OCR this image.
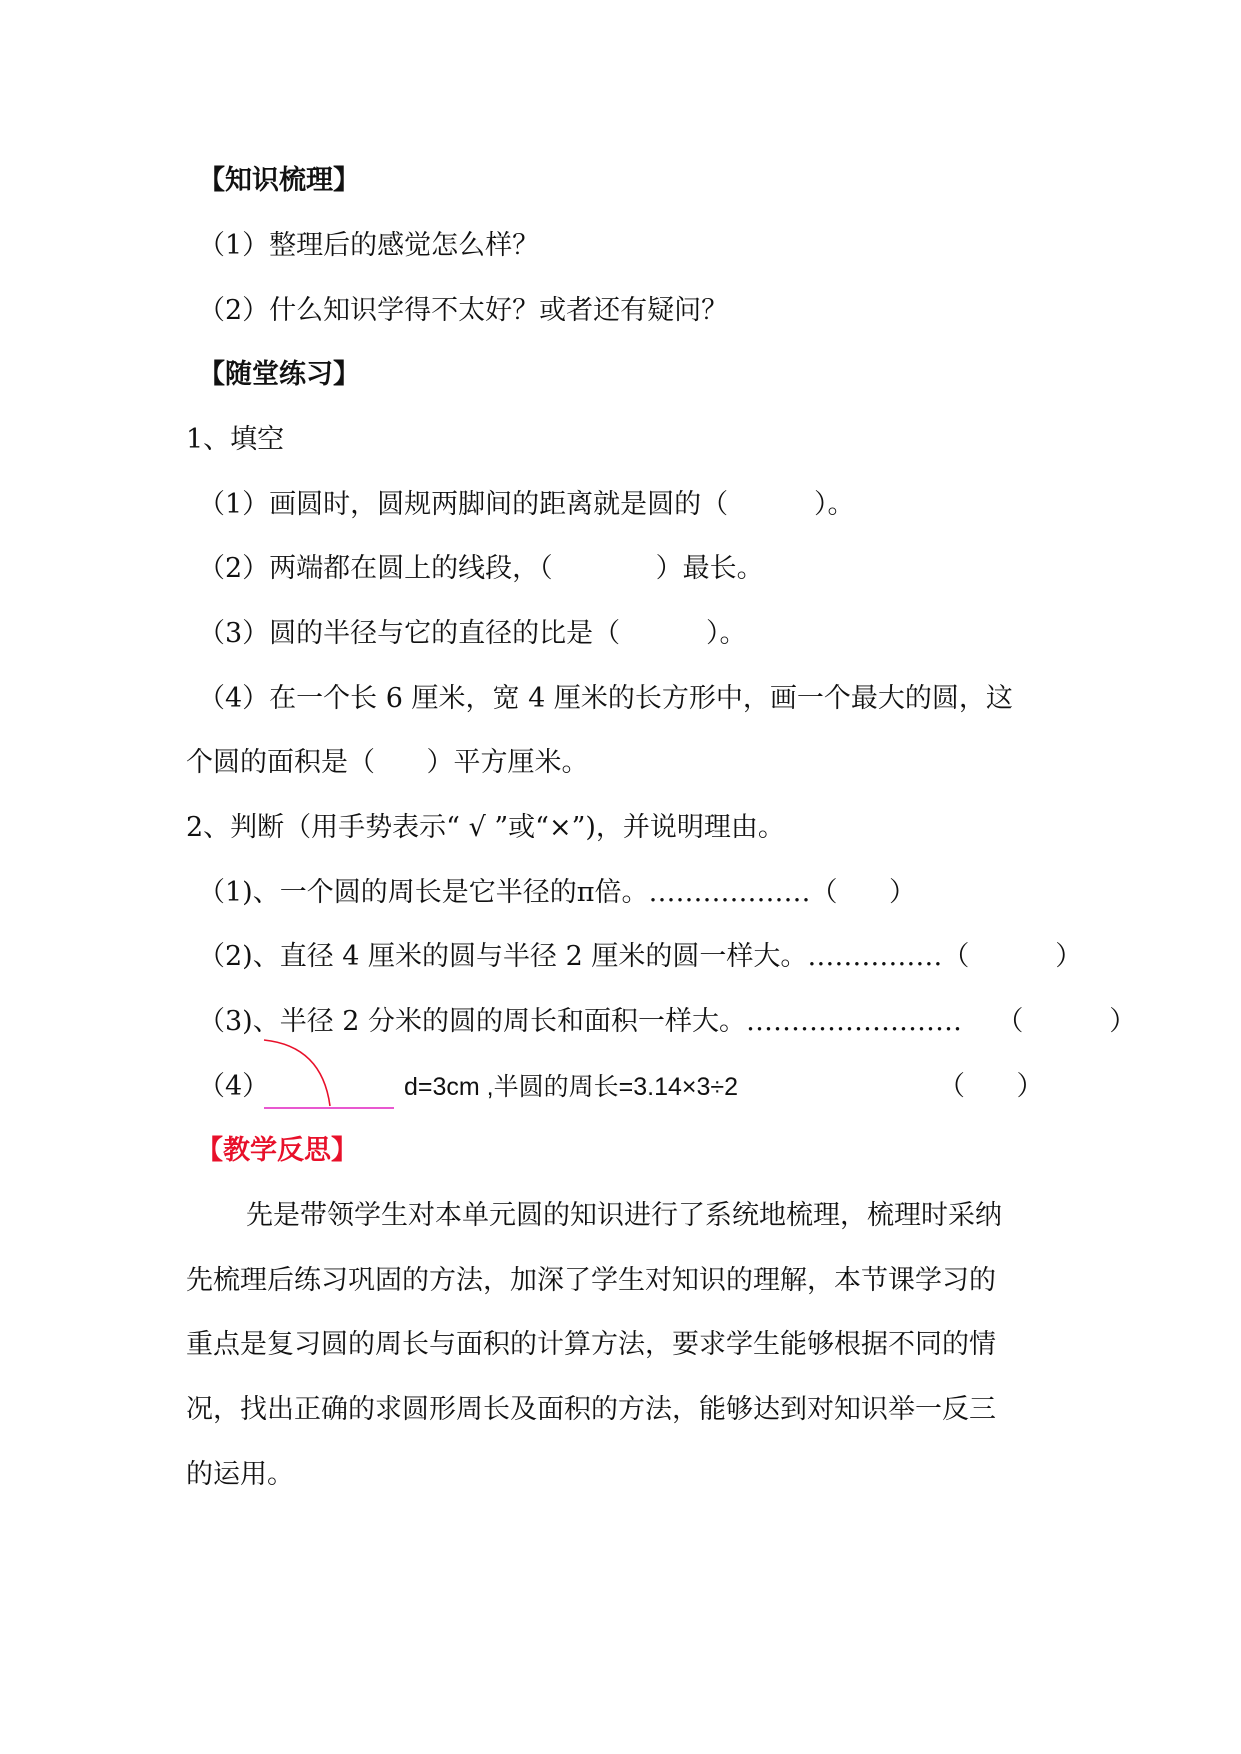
【知识梳理】
（1）整理后的感觉怎么样？
（2）什么知识学得不太好？或者还有疑问？
【随堂练习】
1、填空
（1）画圆时，圆规两脚间的距离就是圆的（          ）。
（2）两端都在圆上的线段，（            ）最长。
（3）圆的半径与它的直径的比是（          ）。
（4）在一个长 6 厘米，宽 4 厘米的长方形中，画一个最大的圆，这
个圆的面积是（      ）平方厘米。
2、判断（用手势表示“ √ ”或“×”)，并说明理由。
（1)、一个圆的周长是它半径的π倍。………………（      ）
（2)、直径 4 厘米的圆与半径 2 厘米的圆一样大。……………（          ）
（3)、半径 2 分米的圆的周长和面积一样大。……………………    （          ）
（4）	d=3cm ,半圆的周长=3.14×3÷2	（      ）
【教学反思】
先是带领学生对本单元圆的知识进行了系统地梳理，梳理时采纳
先梳理后练习巩固的方法，加深了学生对知识的理解，本节课学习的
重点是复习圆的周长与面积的计算方法，要求学生能够根据不同的情
况，找出正确的求圆形周长及面积的方法，能够达到对知识举一反三
的运用。
